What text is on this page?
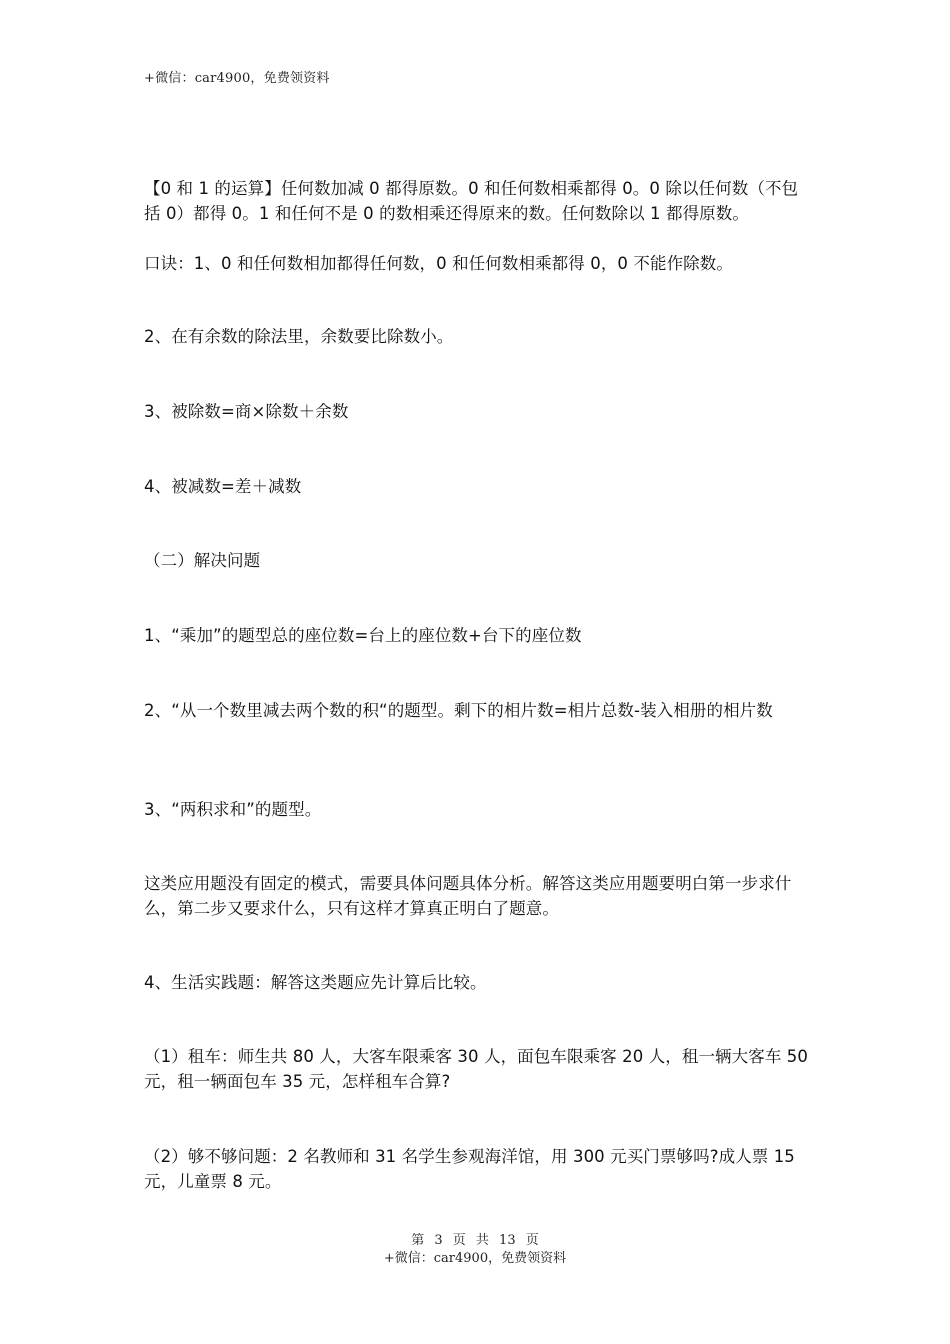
+微信：car4900，免费领资料

【0 和 1 的运算】任何数加减 0 都得原数。0 和任何数相乘都得 0。0 除以任何数（不包括 0）都得 0。1 和任何不是 0 的数相乘还得原来的数。任何数除以 1 都得原数。

口诀：1、0 和任何数相加都得任何数，0 和任何数相乘都得 0，0 不能作除数。

2、在有余数的除法里，余数要比除数小。

3、被除数=商×除数＋余数

4、被减数=差＋减数

（二）解决问题

1、“乘加”的题型总的座位数=台上的座位数+台下的座位数

2、“从一个数里减去两个数的积“的题型。剩下的相片数=相片总数-装入相册的相片数

3、“两积求和”的题型。

这类应用题没有固定的模式，需要具体问题具体分析。解答这类应用题要明白第一步求什么，第二步又要求什么，只有这样才算真正明白了题意。

4、生活实践题：解答这类题应先计算后比较。

（1）租车：师生共 80 人，大客车限乘客 30 人，面包车限乘客 20 人，租一辆大客车 50 元，租一辆面包车 35 元，怎样租车合算?

（2）够不够问题：2 名教师和 31 名学生参观海洋馆，用 300 元买门票够吗?成人票 15 元，儿童票 8 元。

第 3 页 共 13 页
+微信：car4900，免费领资料
